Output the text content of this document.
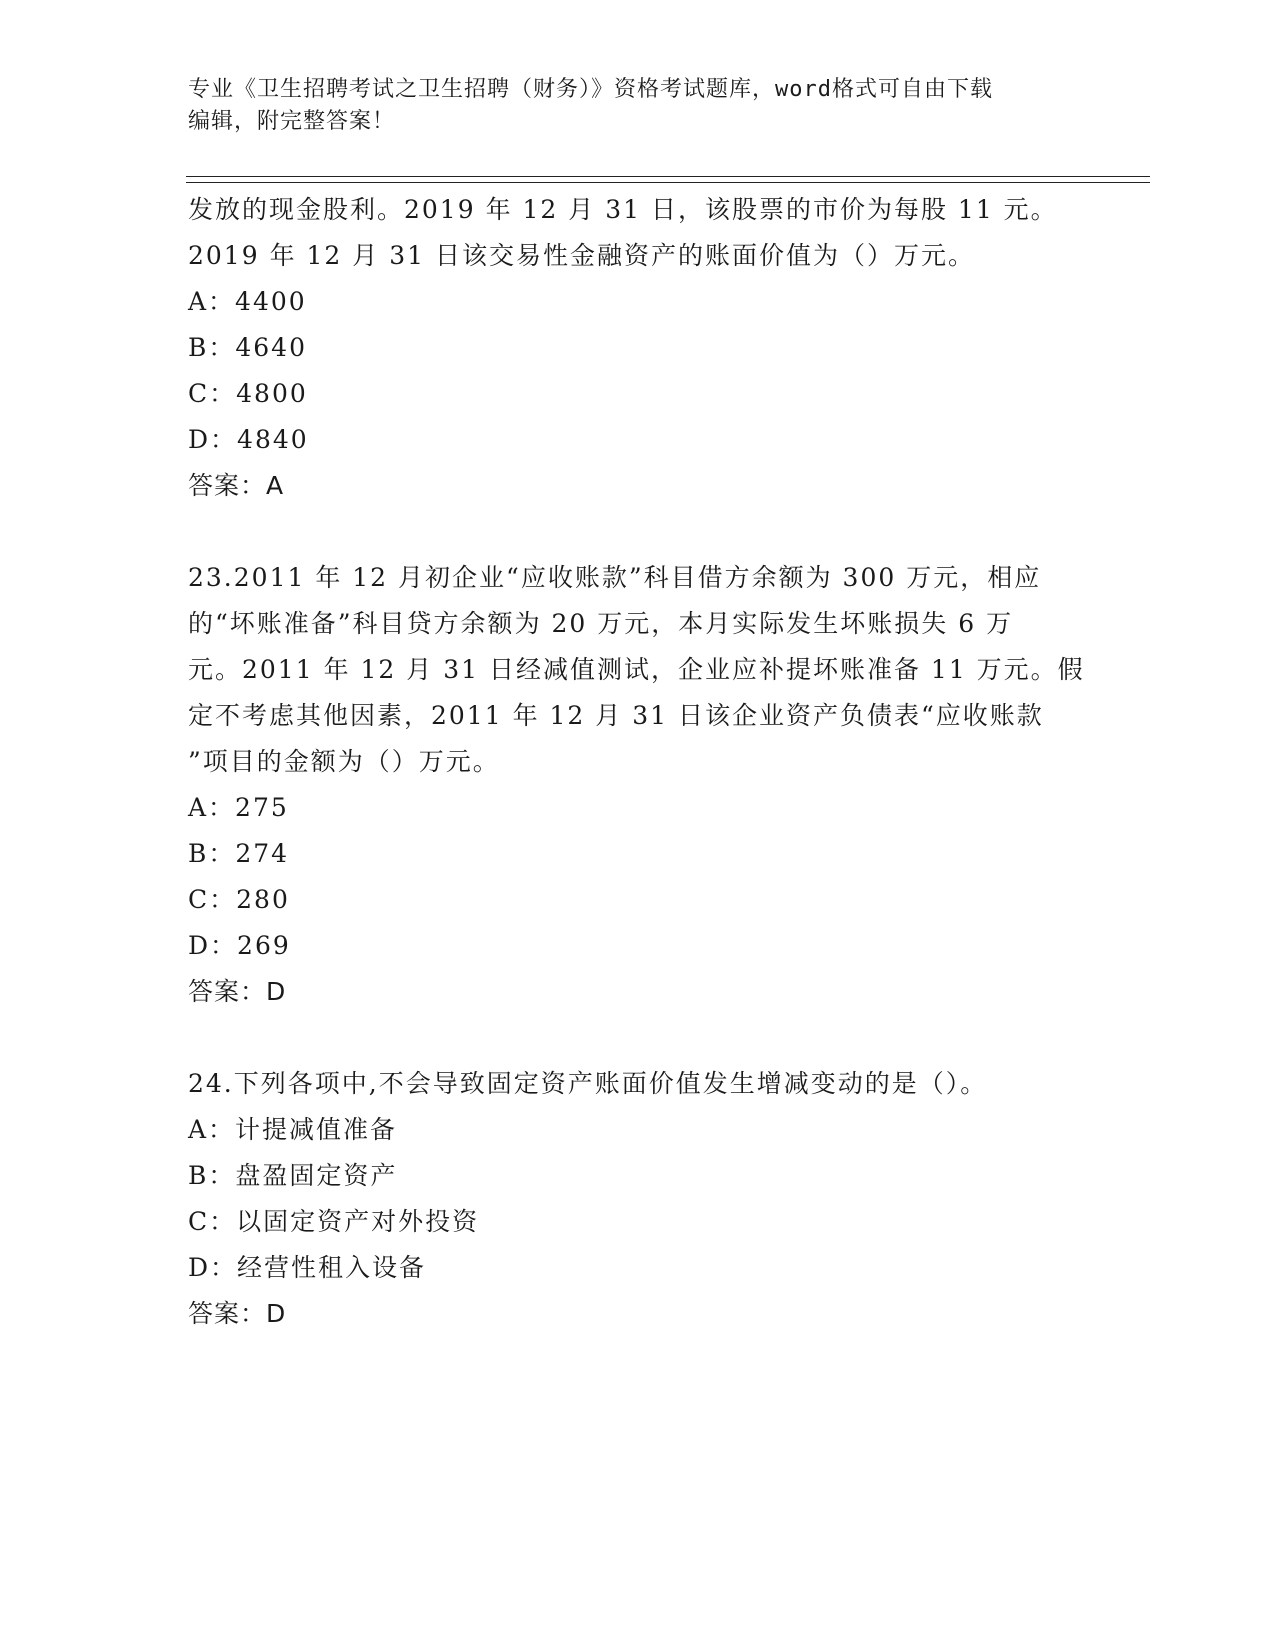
专业《卫生招聘考试之卫生招聘（财务）》资格考试题库，word格式可自由下载
编辑，附完整答案！
发放的现金股利。2019 年 12 月 31 日，该股票的市价为每股 11 元。
2019 年 12 月 31 日该交易性金融资产的账面价值为（）万元。
A：4400
B：4640
C：4800
D：4840
答案：A
23.2011 年 12 月初企业“应收账款”科目借方余额为 300 万元，相应
的“坏账准备”科目贷方余额为 20 万元，本月实际发生坏账损失 6 万
元。2011 年 12 月 31 日经减值测试，企业应补提坏账准备 11 万元。假
定不考虑其他因素，2011 年 12 月 31 日该企业资产负债表“应收账款
”项目的金额为（）万元。
A：275
B：274
C：280
D：269
答案：D
24.下列各项中,不会导致固定资产账面价值发生增减变动的是（）。
A：计提减值准备
B：盘盈固定资产
C：以固定资产对外投资
D：经营性租入设备
答案：D
